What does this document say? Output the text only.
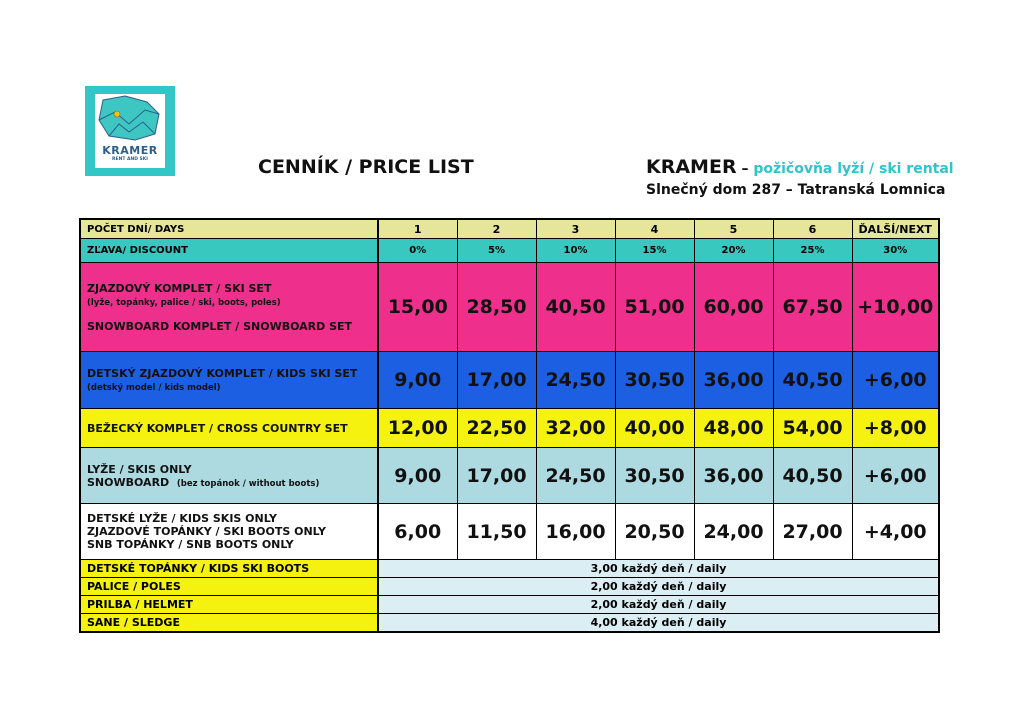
KRAMER
RENT AND SKI	CENNÍK / PRICE LIST	KRAMER – požičovňa lyží / ski rental
Slnečný dom 287 – Tatranská Lomnica
POČET DNÍ/ DAYS	1	2	3	4	5	6	ĎALŠÍ/NEXT
ZĽAVA/ DISCOUNT	0%	5%	10%	15%	20%	25%	30%

ZJAZDOVÝ KOMPLET / SKI SET
(lyže, topánky, palice / ski, boots, poles)
SNOWBOARD KOMPLET / SNOWBOARD SET	15,00	28,50	40,50	51,00	60,00	67,50	+10,00

DETSKÝ ZJAZDOVÝ KOMPLET / KIDS SKI SET
(detský model / kids model)	9,00	17,00	24,50	30,50	36,00	40,50	+6,00

BEŽECKÝ KOMPLET / CROSS COUNTRY SET	12,00	22,50	32,00	40,00	48,00	54,00	+8,00

LYŽE / SKIS ONLY
SNOWBOARD (bez topánok / without boots)	9,00	17,00	24,50	30,50	36,00	40,50	+6,00

DETSKÉ LYŽE / KIDS SKIS ONLY
ZJAZDOVÉ TOPÁNKY / SKI BOOTS ONLY
SNB TOPÁNKY / SNB BOOTS ONLY	6,00	11,50	16,00	20,50	24,00	27,00	+4,00
DETSKÉ TOPÁNKY / KIDS SKI BOOTS	3,00 každý deň / daily						
PALICE / POLES	2,00 každý deň / daily						
PRILBA / HELMET	2,00 každý deň / daily						
SANE / SLEDGE	4,00 každý deň / daily						
